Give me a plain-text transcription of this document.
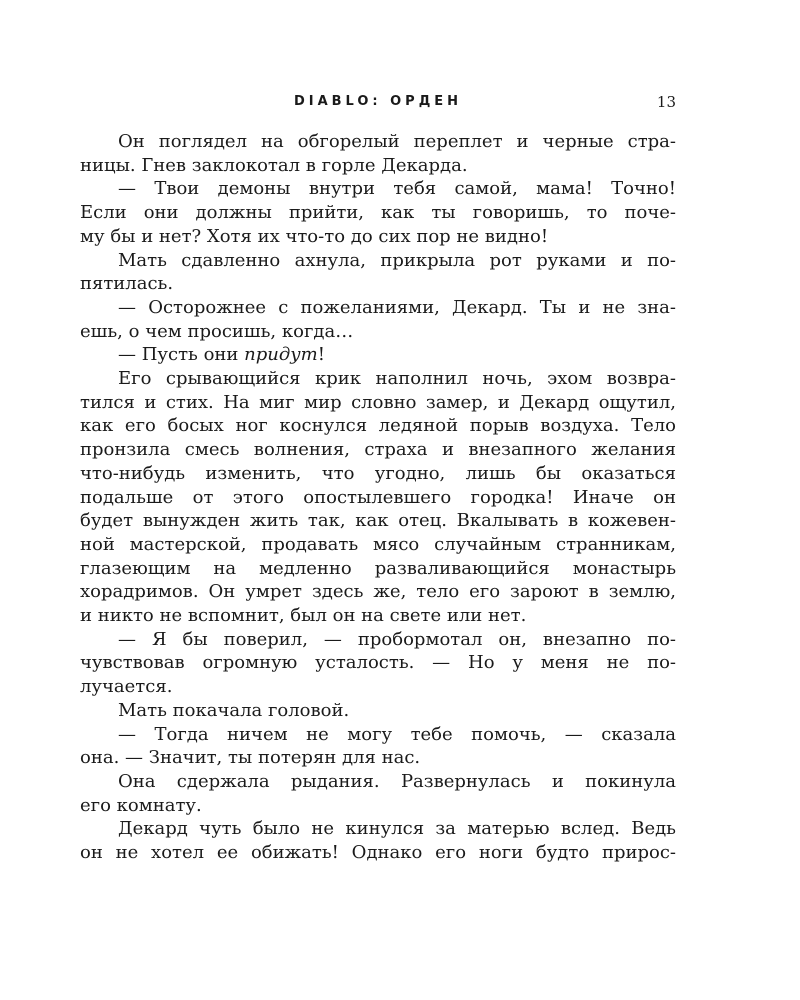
DIABLO: ОРДЕН	13
Он поглядел на обгорелый переплет и черные стра-
ницы. Гнев заклокотал в горле Декарда.
— Твои демоны внутри тебя самой, мама! Точно!
Если они должны прийти, как ты говоришь, то поче-
му бы и нет? Хотя их что-то до сих пор не видно!
Мать сдавленно ахнула, прикрыла рот руками и по-
пятилась.
— Осторожнее с пожеланиями, Декард. Ты и не зна-
ешь, о чем просишь, когда…
— Пусть они придут!
Его срывающийся крик наполнил ночь, эхом возвра-
тился и стих. На миг мир словно замер, и Декард ощутил,
как его босых ног коснулся ледяной порыв воздуха. Тело
пронзила смесь волнения, страха и внезапного желания
что-нибудь изменить, что угодно, лишь бы оказаться
подальше от этого опостылевшего городка! Иначе он
будет вынужден жить так, как отец. Вкалывать в кожевен-
ной мастерской, продавать мясо случайным странникам,
глазеющим на медленно разваливающийся монастырь
хорадримов. Он умрет здесь же, тело его зароют в землю,
и никто не вспомнит, был он на свете или нет.
— Я бы поверил, — пробормотал он, внезапно по-
чувствовав огромную усталость. — Но у меня не по-
лучается.
Мать покачала головой.
— Тогда ничем не могу тебе помочь, — сказала
она. — Значит, ты потерян для нас.
Она сдержала рыдания. Развернулась и покинула
его комнату.
Декард чуть было не кинулся за матерью вслед. Ведь
он не хотел ее обижать! Однако его ноги будто прирос-
